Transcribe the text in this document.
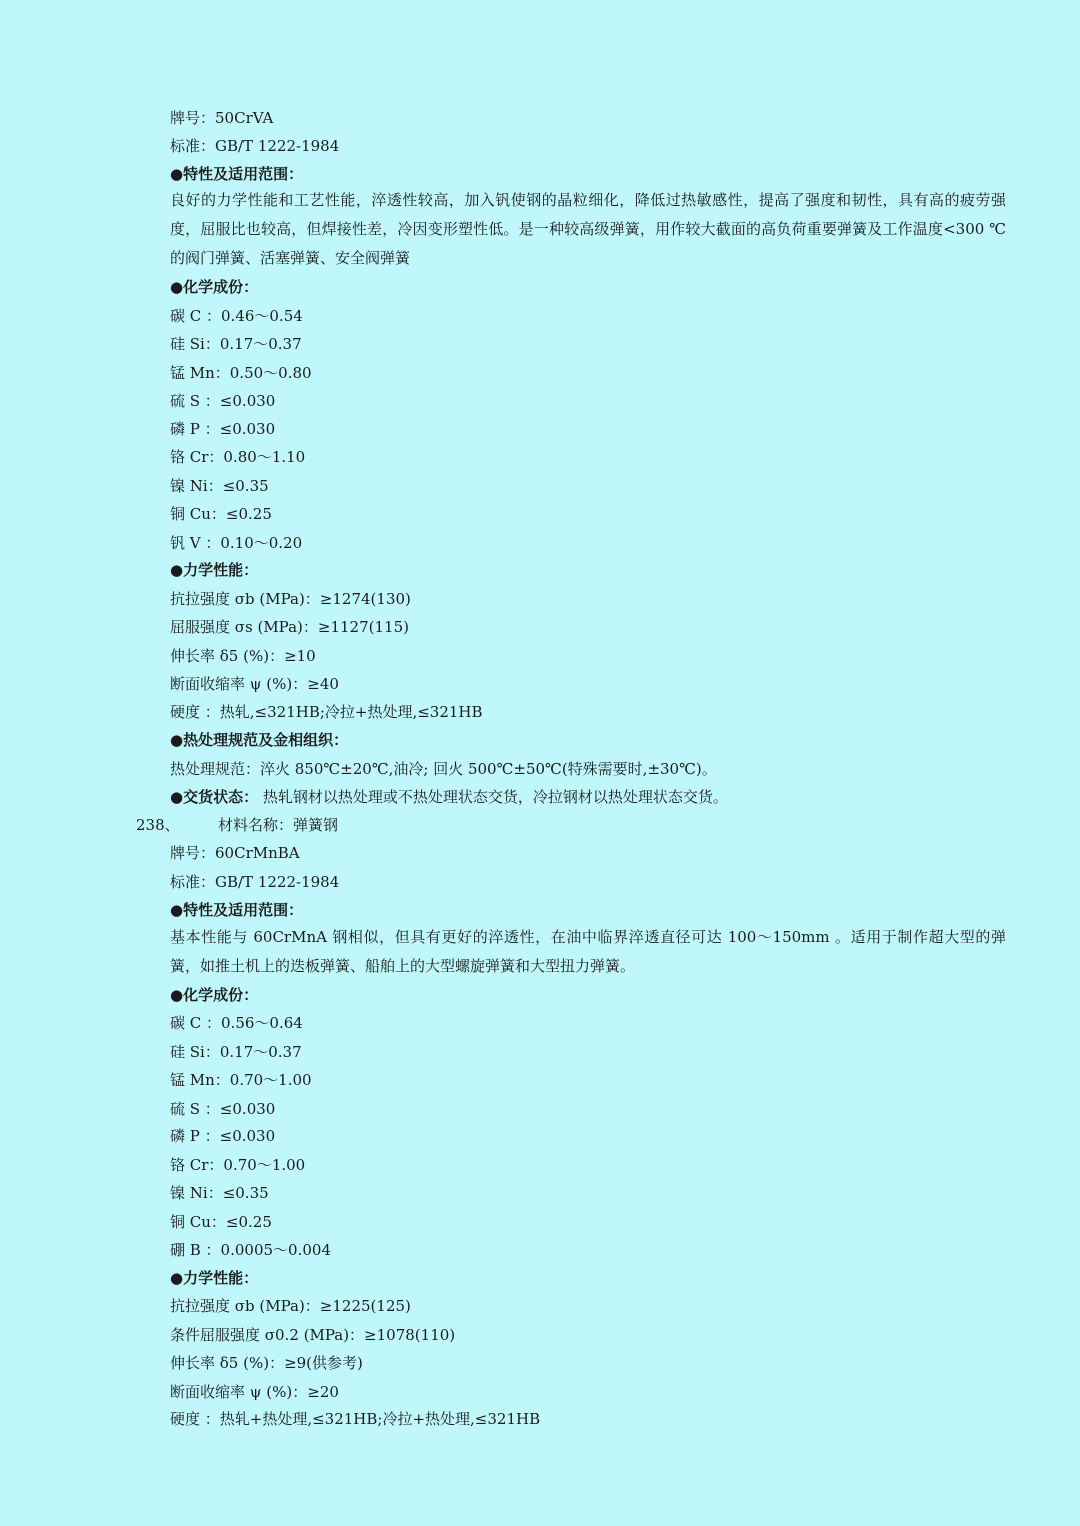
牌号：50CrVA
标准：GB/T 1222-1984
●特性及适用范围：
良好的力学性能和工艺性能，淬透性较高，加入钒使钢的晶粒细化，降低过热敏感性，提高了强度和韧性，具有高的疲劳强度，屈服比也较高，但焊接性差，冷因变形塑性低。是一种较高级弹簧，用作较大截面的高负荷重要弹簧及工作温度<300 ℃的阀门弹簧、活塞弹簧、安全阀弹簧
●化学成份：
碳 C ：0.46～0.54
硅 Si：0.17～0.37
锰 Mn：0.50～0.80
硫 S ：≤0.030
磷 P ：≤0.030
铬 Cr：0.80～1.10
镍 Ni：≤0.35
铜 Cu：≤0.25
钒 V ：0.10～0.20
●力学性能：
抗拉强度 σb (MPa)：≥1274(130)
屈服强度 σs (MPa)：≥1127(115)
伸长率 δ5 (%)：≥10
断面收缩率 ψ (%)：≥40
硬度 ：热轧,≤321HB;冷拉+热处理,≤321HB
●热处理规范及金相组织：
热处理规范：淬火 850℃±20℃,油冷; 回火 500℃±50℃(特殊需要时,±30℃)。
●交货状态： 热轧钢材以热处理或不热处理状态交货，冷拉钢材以热处理状态交货。
238、	材料名称：弹簧钢
牌号：60CrMnBA
标准：GB/T 1222-1984
●特性及适用范围：
基本性能与 60CrMnA 钢相似，但具有更好的淬透性，在油中临界淬透直径可达 100～150mm 。适用于制作超大型的弹簧，如推土机上的迭板弹簧、船舶上的大型螺旋弹簧和大型扭力弹簧。
●化学成份：
碳 C ：0.56～0.64
硅 Si：0.17～0.37
锰 Mn：0.70～1.00
硫 S ：≤0.030
磷 P ：≤0.030
铬 Cr：0.70～1.00
镍 Ni：≤0.35
铜 Cu：≤0.25
硼 B ：0.0005～0.004
●力学性能：
抗拉强度 σb (MPa)：≥1225(125)
条件屈服强度 σ0.2 (MPa)：≥1078(110)
伸长率 δ5 (%)：≥9(供参考)
断面收缩率 ψ (%)：≥20
硬度 ：热轧+热处理,≤321HB;冷拉+热处理,≤321HB
